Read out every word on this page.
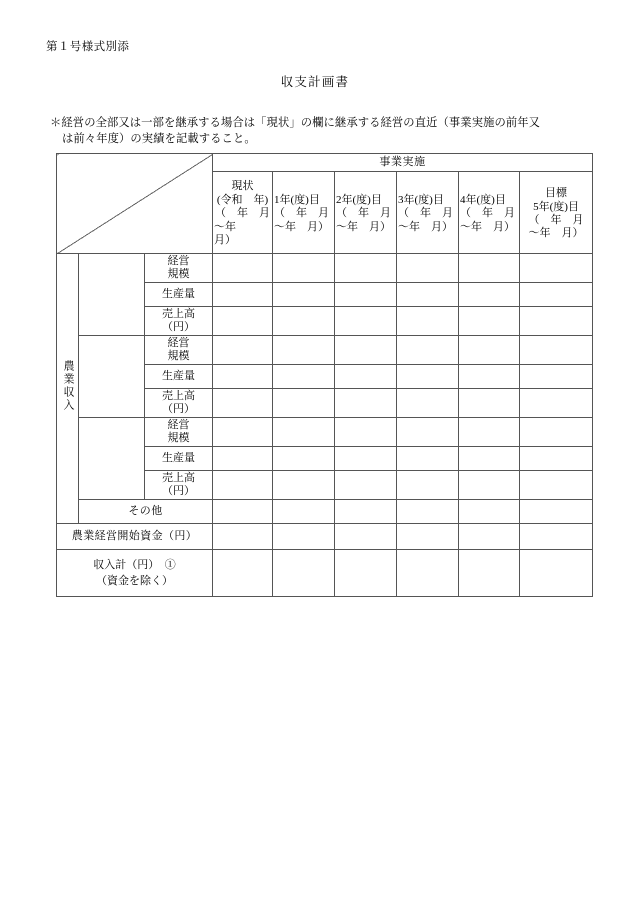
第１号様式別添
収支計画書
＊経営の全部又は一部を継承する場合は「現状」の欄に継承する経営の直近（事業実施の前年又
は前々年度）の実績を記載すること。
			事業実施					

			現状
(令和　年)
（　年　月
～年
月）	1年(度)目
（　年　月
～年　月）	2年(度)目
（　年　月
～年　月）	3年(度)目
（　年　月
～年　月）	4年(度)目
（　年　月
～年　月）	目標
5年(度)目
（　年　月
～年　月）

農業収入		経営
規模						

		生産量						

		売上高
（円）						

		経営
規模						

		生産量						

		売上高
（円）						

		経営
規模						

		生産量						

		売上高
（円）						

	その他							
農業経営開始資金（円）								

収入計（円）　①
（資金を除く）								
